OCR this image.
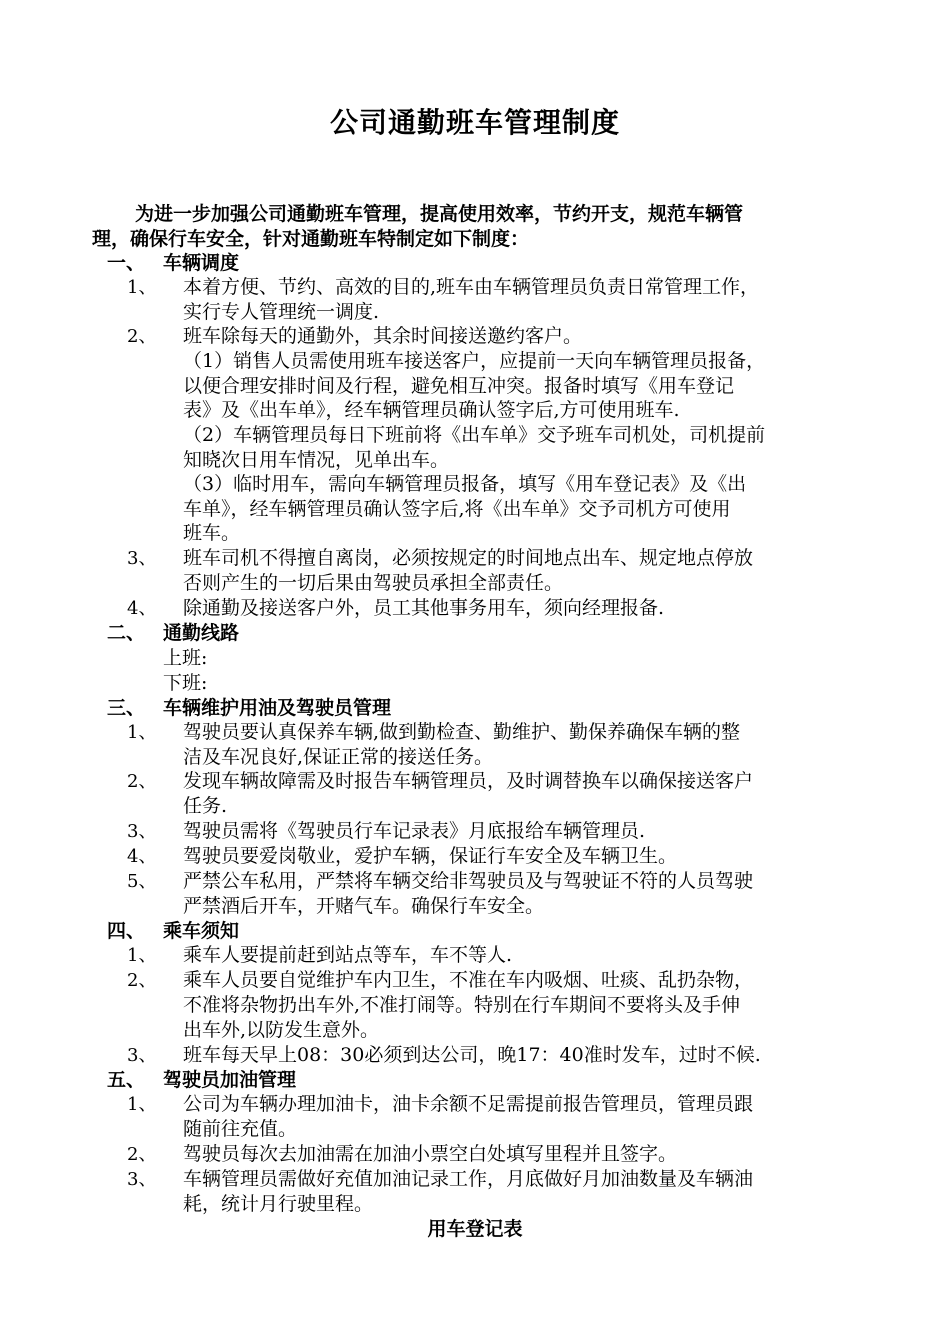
公司通勤班车管理制度
为进一步加强公司通勤班车管理，提高使用效率，节约开支，规范车辆管
理，确保行车安全，针对通勤班车特制定如下制度：
一、 车辆调度
1、 本着方便、节约、高效的目的,班车由车辆管理员负责日常管理工作，
实行专人管理统一调度.
2、 班车除每天的通勤外，其余时间接送邀约客户。
（1）销售人员需使用班车接送客户，应提前一天向车辆管理员报备，
以便合理安排时间及行程，避免相互冲突。报备时填写《用车登记
表》及《出车单》，经车辆管理员确认签字后,方可使用班车.
（2）车辆管理员每日下班前将《出车单》交予班车司机处，司机提前
知晓次日用车情况，见单出车。
（3）临时用车，需向车辆管理员报备，填写《用车登记表》及《出
车单》，经车辆管理员确认签字后,将《出车单》交予司机方可使用
班车。
3、 班车司机不得擅自离岗，必须按规定的时间地点出车、规定地点停放
否则产生的一切后果由驾驶员承担全部责任。
4、 除通勤及接送客户外，员工其他事务用车，须向经理报备.
二、 通勤线路
上班:
下班:
三、 车辆维护用油及驾驶员管理
1、 驾驶员要认真保养车辆,做到勤检查、勤维护、勤保养确保车辆的整
洁及车况良好,保证正常的接送任务。
2、 发现车辆故障需及时报告车辆管理员，及时调替换车以确保接送客户
任务.
3、 驾驶员需将《驾驶员行车记录表》月底报给车辆管理员.
4、 驾驶员要爱岗敬业，爱护车辆，保证行车安全及车辆卫生。
5、 严禁公车私用，严禁将车辆交给非驾驶员及与驾驶证不符的人员驾驶
严禁酒后开车，开赌气车。确保行车安全。
四、 乘车须知
1、 乘车人要提前赶到站点等车，车不等人.
2、 乘车人员要自觉维护车内卫生，不准在车内吸烟、吐痰、乱扔杂物，
不准将杂物扔出车外,不准打闹等。特别在行车期间不要将头及手伸
出车外,以防发生意外。
3、 班车每天早上08：30必须到达公司，晚17：40准时发车，过时不候.
五、 驾驶员加油管理
1、 公司为车辆办理加油卡，油卡余额不足需提前报告管理员，管理员跟
随前往充值。
2、 驾驶员每次去加油需在加油小票空白处填写里程并且签字。
3、 车辆管理员需做好充值加油记录工作，月底做好月加油数量及车辆油
耗，统计月行驶里程。
用车登记表
